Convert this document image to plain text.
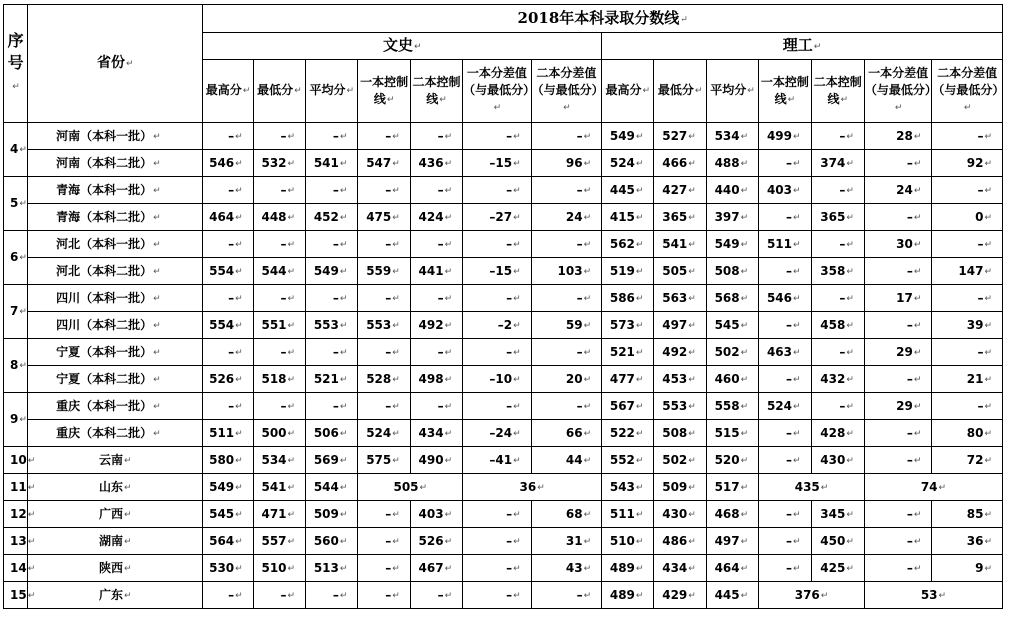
序号↵	省份↵	2018年本科录取分数线↵													
		文史↵							理工↵						
		最高分↵	最低分↵	平均分↵	一本控制线↵	二本控制线↵	一本分差值（与最低分）↵	二本分差值（与最低分）↵	最高分↵	最低分↵	平均分↵	一本控制线↵	二本控制线↵	一本分差值（与最低分）↵	二本分差值（与最低分）↵
4↵	河南（本科一批）↵	–↵	–↵	–↵	–↵	–↵	–↵	–↵	549↵	527↵	534↵	499↵	–↵	28↵	–↵
	河南（本科二批）↵	546↵	532↵	541↵	547↵	436↵	–15↵	96↵	524↵	466↵	488↵	–↵	374↵	–↵	92↵
5↵	青海（本科一批）↵	–↵	–↵	–↵	–↵	–↵	–↵	–↵	445↵	427↵	440↵	403↵	–↵	24↵	–↵
	青海（本科二批）↵	464↵	448↵	452↵	475↵	424↵	–27↵	24↵	415↵	365↵	397↵	–↵	365↵	–↵	0↵
6↵	河北（本科一批）↵	–↵	–↵	–↵	–↵	–↵	–↵	–↵	562↵	541↵	549↵	511↵	–↵	30↵	–↵
	河北（本科二批）↵	554↵	544↵	549↵	559↵	441↵	–15↵	103↵	519↵	505↵	508↵	–↵	358↵	–↵	147↵
7↵	四川（本科一批）↵	–↵	–↵	–↵	–↵	–↵	–↵	–↵	586↵	563↵	568↵	546↵	–↵	17↵	–↵
	四川（本科二批）↵	554↵	551↵	553↵	553↵	492↵	–2↵	59↵	573↵	497↵	545↵	–↵	458↵	–↵	39↵
8↵	宁夏（本科一批）↵	–↵	–↵	–↵	–↵	–↵	–↵	–↵	521↵	492↵	502↵	463↵	–↵	29↵	–↵
	宁夏（本科二批）↵	526↵	518↵	521↵	528↵	498↵	–10↵	20↵	477↵	453↵	460↵	–↵	432↵	–↵	21↵
9↵	重庆（本科一批）↵	–↵	–↵	–↵	–↵	–↵	–↵	–↵	567↵	553↵	558↵	524↵	–↵	29↵	–↵
	重庆（本科二批）↵	511↵	500↵	506↵	524↵	434↵	–24↵	66↵	522↵	508↵	515↵	–↵	428↵	–↵	80↵
10↵	云南↵	580↵	534↵	569↵	575↵	490↵	–41↵	44↵	552↵	502↵	520↵	–↵	430↵	–↵	72↵
11↵	山东↵	549↵	541↵	544↵	505↵		36↵		543↵	509↵	517↵	435↵		74↵	
12↵	广西↵	545↵	471↵	509↵	–↵	403↵	–↵	68↵	511↵	430↵	468↵	–↵	345↵	–↵	85↵
13↵	湖南↵	564↵	557↵	560↵	–↵	526↵	–↵	31↵	510↵	486↵	497↵	–↵	450↵	–↵	36↵
14↵	陕西↵	530↵	510↵	513↵	–↵	467↵	–↵	43↵	489↵	434↵	464↵	–↵	425↵	–↵	9↵
15↵	广东↵	–↵	–↵	–↵	–↵	–↵	–↵	–↵	489↵	429↵	445↵	376↵		53↵	
